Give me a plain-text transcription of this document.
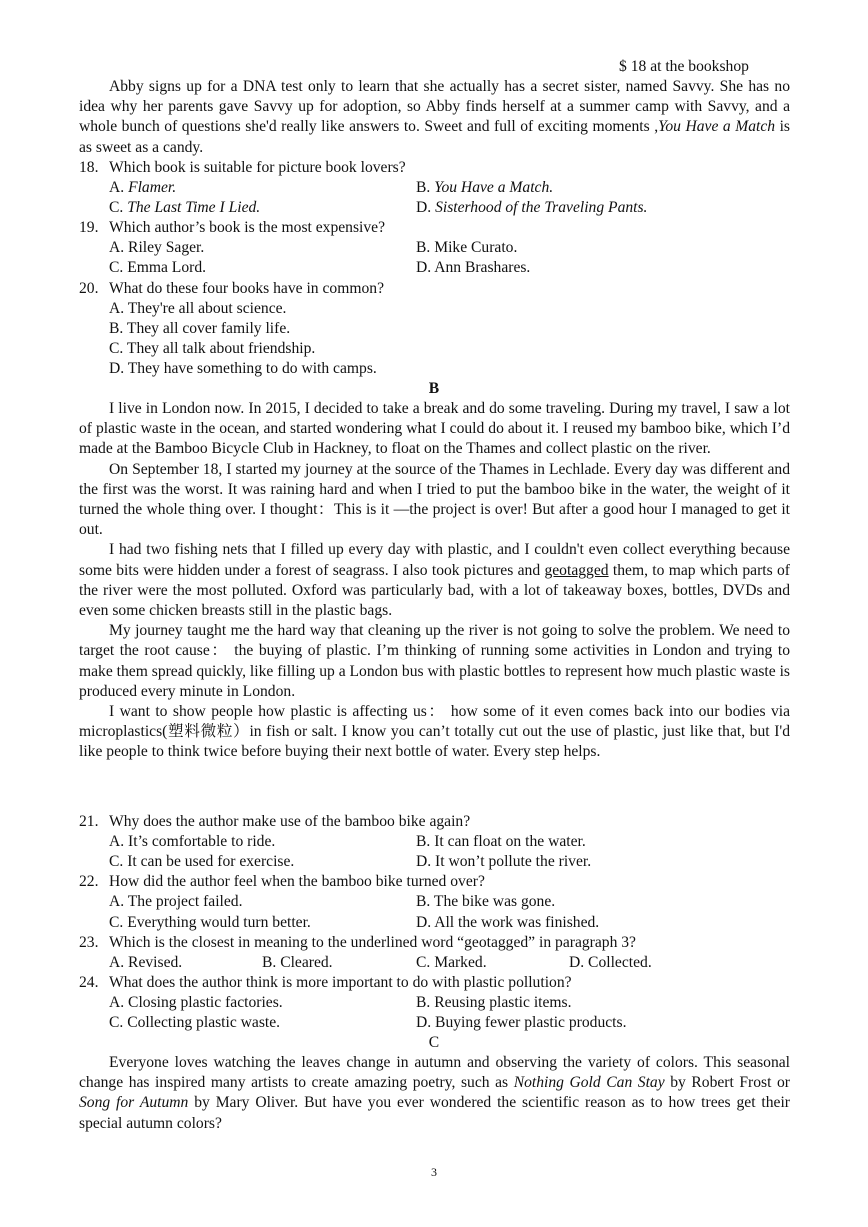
$ 18 at the bookshop

Abby signs up for a DNA test only to learn that she actually has a secret sister, named Savvy. She has no idea why her parents gave Savvy up for adoption, so Abby finds herself at a summer camp with Savvy, and a whole bunch of questions she'd really like answers to. Sweet and full of exciting moments ,You Have a Match is as sweet as a candy.

18. Which book is suitable for picture book lovers?
A. Flamer.	B. You Have a Match.
C. The Last Time I Lied.	D. Sisterhood of the Traveling Pants.
19. Which author’s book is the most expensive?
A. Riley Sager.	B. Mike Curato.
C. Emma Lord.	D. Ann Brashares.
20. What do these four books have in common?
A. They're all about science.
B. They all cover family life.
C. They all talk about friendship.
D. They have something to do with camps.
B

I live in London now. In 2015, I decided to take a break and do some traveling. During my travel, I saw a lot of plastic waste in the ocean, and started wondering what I could do about it. I reused my bamboo bike, which I’d made at the Bamboo Bicycle Club in Hackney, to float on the Thames and collect plastic on the river.

On September 18, I started my journey at the source of the Thames in Lechlade. Every day was different and the first was the worst. It was raining hard and when I tried to put the bamboo bike in the water, the weight of it turned the whole thing over. I thought：This is it —the project is over! But after a good hour I managed to get it out.

I had two fishing nets that I filled up every day with plastic, and I couldn't even collect everything because some bits were hidden under a forest of seagrass. I also took pictures and geotagged them, to map which parts of the river were the most polluted. Oxford was particularly bad, with a lot of takeaway boxes, bottles, DVDs and even some chicken breasts still in the plastic bags.

My journey taught me the hard way that cleaning up the river is not going to solve the problem. We need to target the root cause： the buying of plastic. I’m thinking of running some activities in London and trying to make them spread quickly, like filling up a London bus with plastic bottles to represent how much plastic waste is produced every minute in London.

I want to show people how plastic is affecting us： how some of it even comes back into our bodies via microplastics(塑料微粒）in fish or salt. I know you can’t totally cut out the use of plastic, just like that, but I'd like people to think twice before buying their next bottle of water. Every step helps.

21. Why does the author make use of the bamboo bike again?
A. It’s comfortable to ride.	B. It can float on the water.
C. It can be used for exercise.	D. It won’t pollute the river.
22. How did the author feel when the bamboo bike turned over?
A. The project failed.	B. The bike was gone.
C. Everything would turn better.	D. All the work was finished.
23. Which is the closest in meaning to the underlined word “geotagged” in paragraph 3?
A. Revised.	B. Cleared.	C. Marked.	D. Collected.
24. What does the author think is more important to do with plastic pollution?
A. Closing plastic factories.	B. Reusing plastic items.
C. Collecting plastic waste.	D. Buying fewer plastic products.
C

Everyone loves watching the leaves change in autumn and observing the variety of colors. This seasonal change has inspired many artists to create amazing poetry, such as Nothing Gold Can Stay by Robert Frost or Song for Autumn by Mary Oliver. But have you ever wondered the scientific reason as to how trees get their special autumn colors?

3
